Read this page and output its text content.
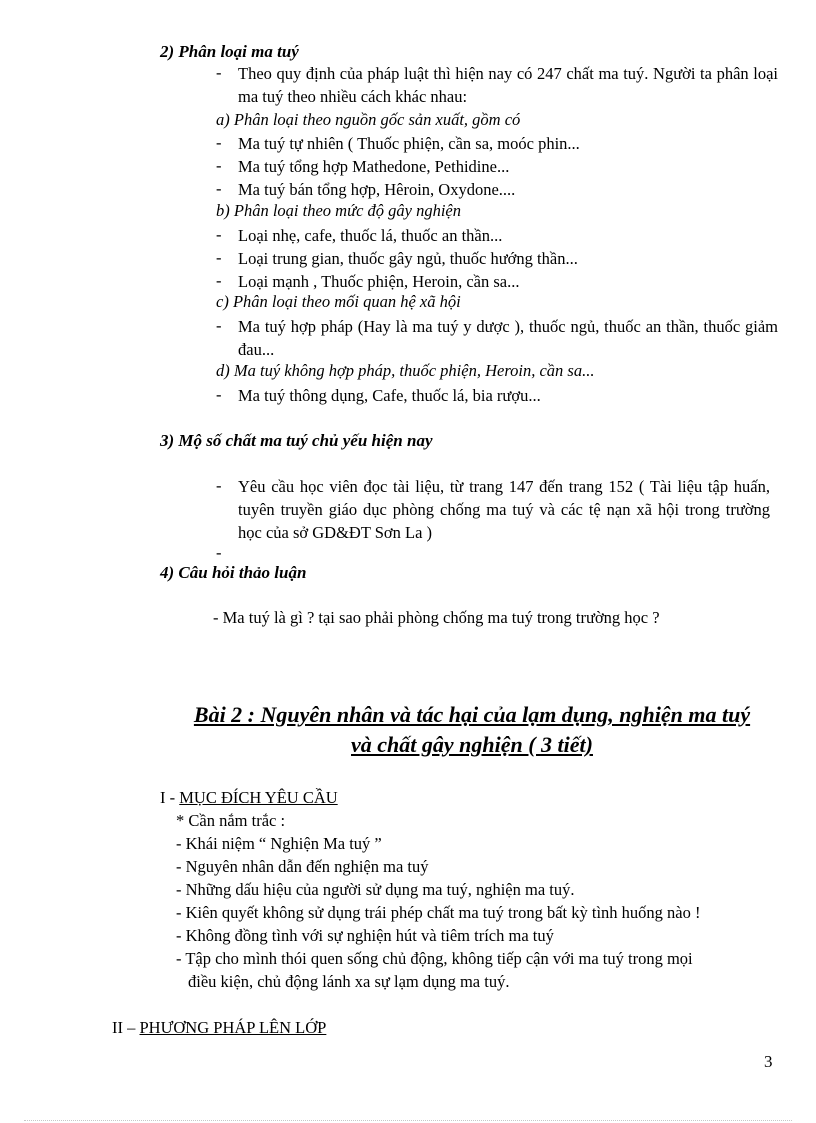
2) Phân loại ma tuý
- Theo quy định của pháp luật thì hiện nay có 247 chất ma tuý. Người ta phân loại ma tuý theo nhiều cách khác nhau:
a) Phân loại theo nguồn gốc sản xuất, gồm có
- Ma tuý tự nhiên ( Thuốc phiện, cần sa, moóc phin...
- Ma tuý tổng hợp Mathedone, Pethidine...
- Ma tuý bán tổng hợp, Hêroin, Oxydone....
b) Phân loại theo mức độ gây nghiện
- Loại nhẹ, cafe, thuốc lá, thuốc an thần...
- Loại trung gian, thuốc gây ngủ, thuốc hướng thần...
- Loại mạnh , Thuốc phiện, Heroin, cần sa...
c) Phân loại theo mối quan hệ xã hội
- Ma tuý hợp pháp (Hay là ma tuý y dược ), thuốc ngủ, thuốc an thần, thuốc giảm đau...
d) Ma tuý không hợp pháp, thuốc phiện, Heroin, cần sa...
- Ma tuý thông dụng, Cafe, thuốc lá, bia rượu...
3) Mộ số chất ma tuý chủ yếu hiện nay
- Yêu cầu học viên đọc tài liệu, từ trang 147 đến trang 152 ( Tài liệu tập huấn, tuyên truyền giáo dục phòng chống ma tuý và các tệ nạn xã hội trong trường học của sở GD&ĐT Sơn La )
-
4) Câu hỏi thảo luận
- Ma tuý là gì ? tại sao phải phòng chống ma tuý trong trường học ?
Bài 2 : Nguyên nhân và tác hại của lạm dụng, nghiện ma tuý
và chất gây nghiện ( 3 tiết)
I - MỤC ĐÍCH YÊU CẦU
* Cần nắm trắc :
- Khái niệm “ Nghiện Ma tuý ”
- Nguyên nhân dẫn đến nghiện ma tuý
- Những dấu hiệu của người sử dụng ma tuý, nghiện ma tuý.
- Kiên quyết không sử dụng trái phép chất ma tuý trong bất kỳ tình huống nào !
- Không đồng tình với sự nghiện hút và tiêm trích ma tuý
- Tập cho mình thói quen sống chủ động, không tiếp cận với ma tuý trong mọi
điều kiện, chủ động lánh xa sự lạm dụng ma tuý.
II – PHƯƠNG PHÁP LÊN LỚP
3
